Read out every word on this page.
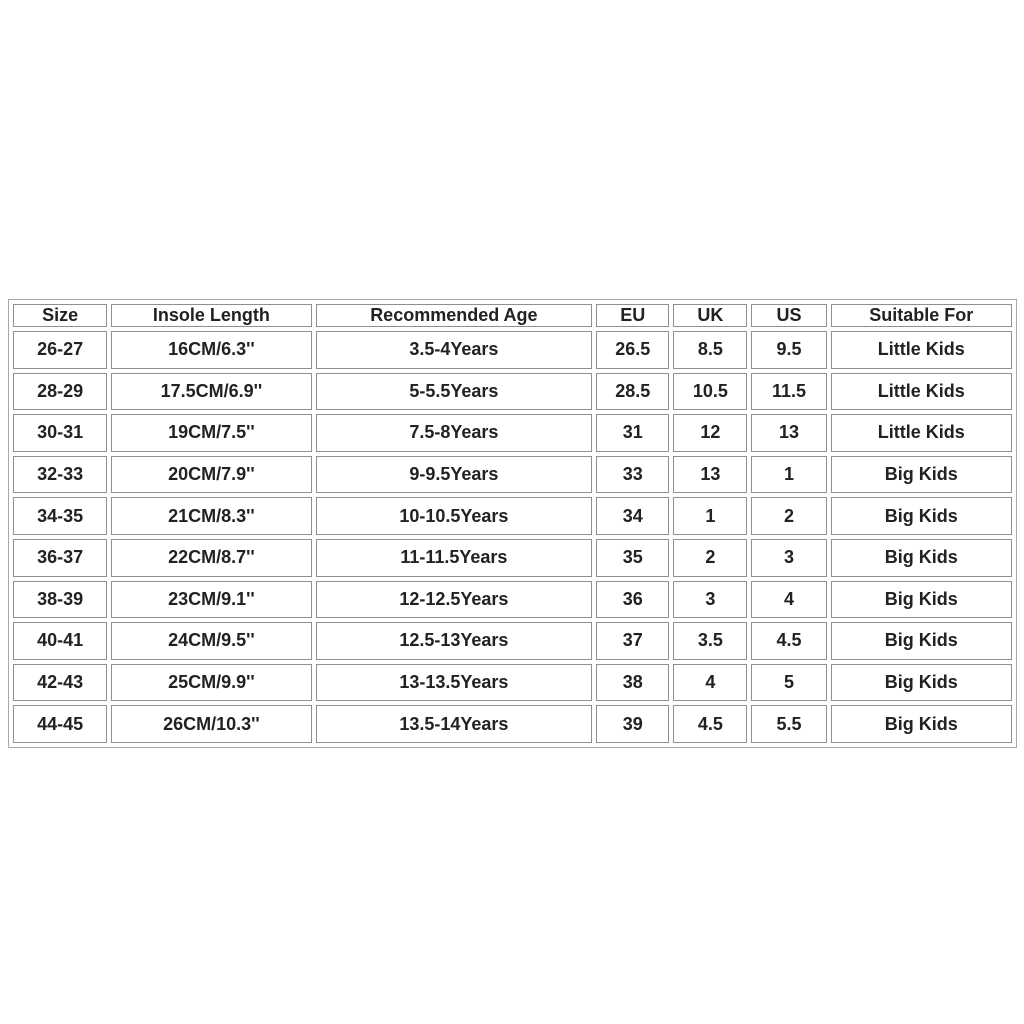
Size	Insole Length	Recommended Age	EU	UK	US	Suitable For
26-27	16CM/6.3''	3.5-4Years	26.5	8.5	9.5	Little Kids
28-29	17.5CM/6.9''	5-5.5Years	28.5	10.5	11.5	Little Kids
30-31	19CM/7.5''	7.5-8Years	31	12	13	Little Kids
32-33	20CM/7.9''	9-9.5Years	33	13	1	Big Kids
34-35	21CM/8.3''	10-10.5Years	34	1	2	Big Kids
36-37	22CM/8.7''	11-11.5Years	35	2	3	Big Kids
38-39	23CM/9.1''	12-12.5Years	36	3	4	Big Kids
40-41	24CM/9.5''	12.5-13Years	37	3.5	4.5	Big Kids
42-43	25CM/9.9''	13-13.5Years	38	4	5	Big Kids
44-45	26CM/10.3''	13.5-14Years	39	4.5	5.5	Big Kids
